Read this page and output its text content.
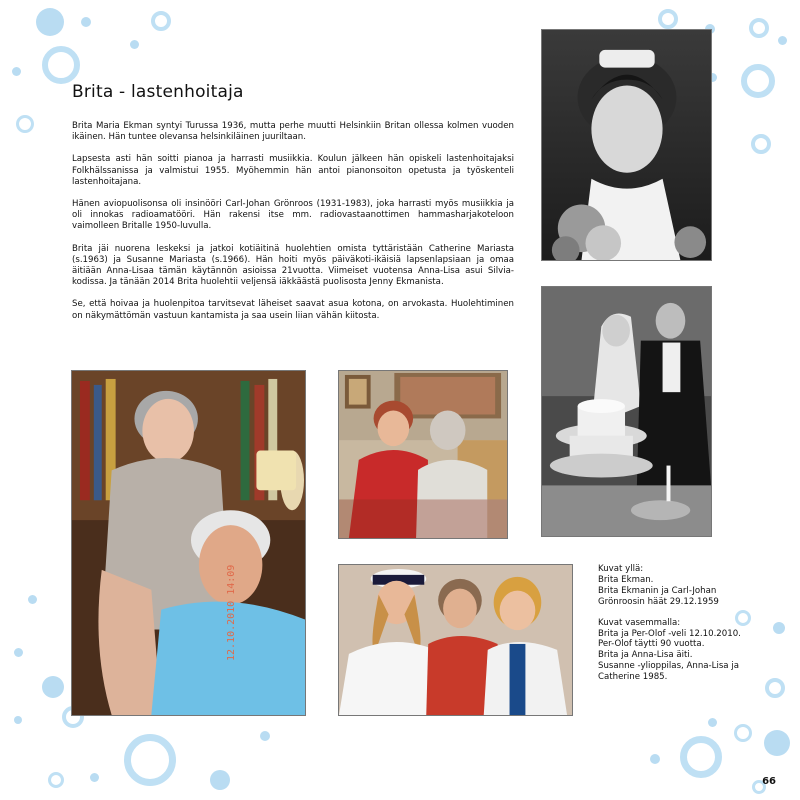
Brita - lastenhoitaja

Brita Maria Ekman syntyi Turussa 1936, mutta perhe muutti Helsinkiin Britan ollessa kolmen vuoden ikäinen. Hän tuntee olevansa helsinkiläinen juuriltaan.

Lapsesta asti hän soitti pianoa ja harrasti musiikkia. Koulun jälkeen hän opiskeli lastenhoitajaksi Folkhälssanissa ja valmistui 1955. Myöhemmin hän antoi pianonsoiton opetusta ja työskenteli lastenhoitajana.

Hänen aviopuolisonsa oli insinööri Carl-Johan Grönroos (1931-1983), joka harrasti myös musiikkia ja oli innokas radioamatööri. Hän rakensi itse mm. radiovastaanottimen hammasharjakoteloon vaimolleen Britalle 1950-luvulla.

Brita jäi nuorena leskeksi ja jatkoi kotiäitinä huolehtien omista tyttäristään Catherine Mariasta (s.1963) ja Susanne Mariasta (s.1966). Hän hoiti myös päiväkoti-ikäisiä lapsenlapsiaan ja omaa äitiään Anna-Lisaa tämän käytännön asioissa 21vuotta. Viimeiset vuotensa Anna-Lisa asui Silvia-kodissa. Ja tänään 2014 Brita huolehtii veljensä iäkkäästä puolisosta Jenny Ekmanista.

Se, että hoivaa ja huolenpitoa tarvitsevat läheiset saavat asua kotona, on arvokasta. Huolehtiminen on näkymättömän vastuun kantamista ja saa usein liian vähän kiitosta.

12.10.2010 14:09	Kuvat yllä:
Brita Ekman.
Brita Ekmanin ja Carl-Johan
Grönroosin häät 29.12.1959
Kuvat vasemmalla:
Brita ja Per-Olof -veli 12.10.2010.
Per-Olof täytti 90 vuotta.
Brita ja Anna-Lisa äiti.
Susanne -ylioppilas, Anna-Lisa ja
Catherine 1985.
66
